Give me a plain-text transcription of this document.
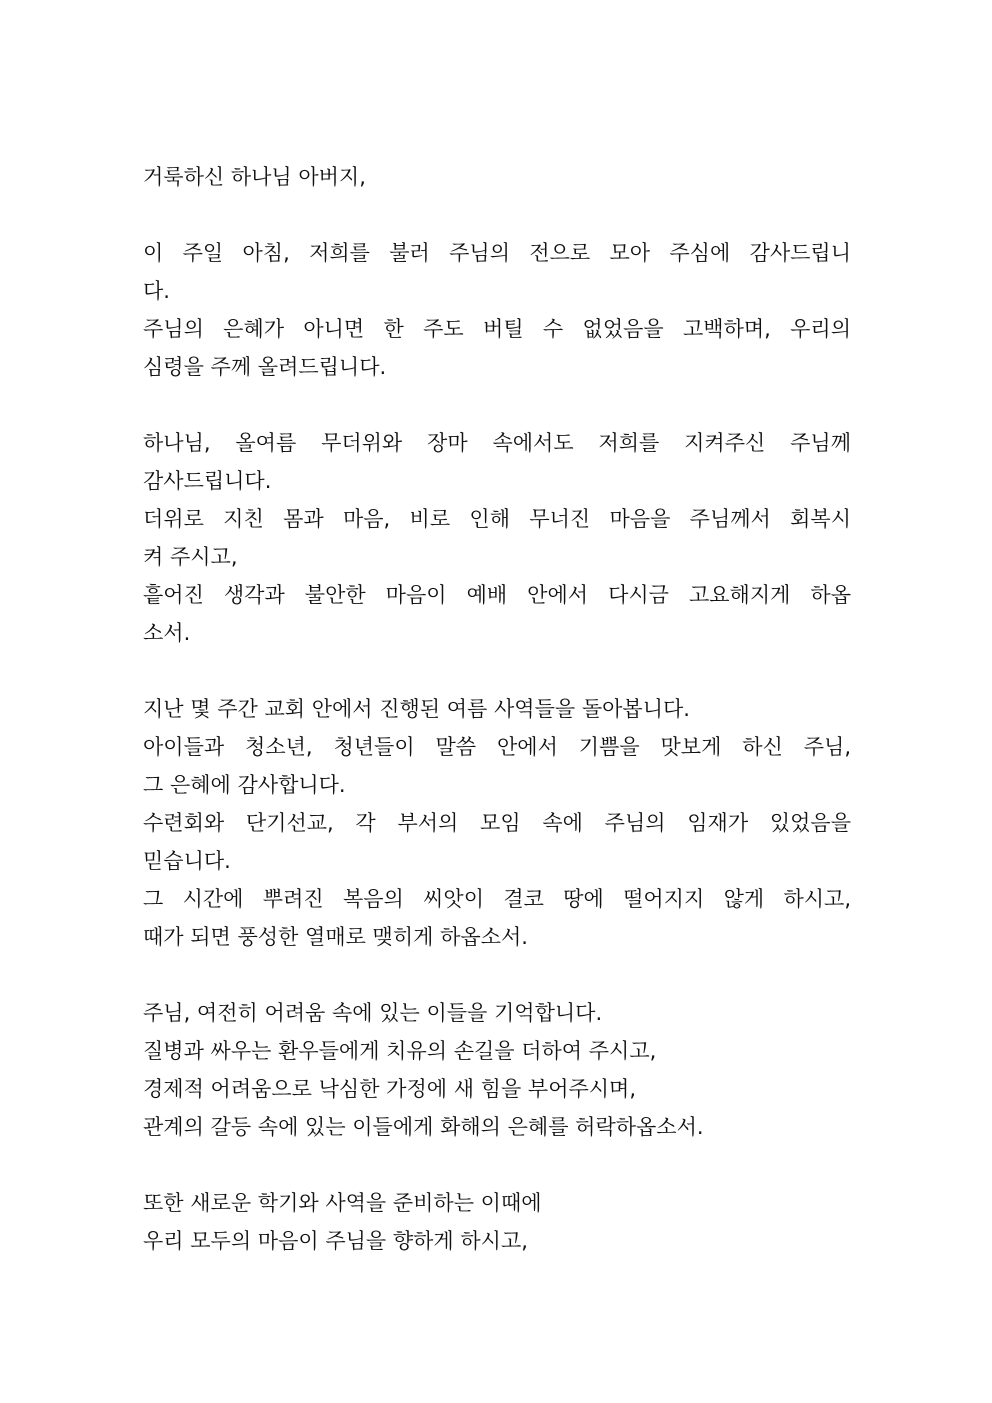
거룩하신 하나님 아버지,
이 주일 아침, 저희를 불러 주님의 전으로 모아 주심에 감사드립니
다.
주님의 은혜가 아니면 한 주도 버틸 수 없었음을 고백하며, 우리의
심령을 주께 올려드립니다.
하나님, 올여름 무더위와 장마 속에서도 저희를 지켜주신 주님께
감사드립니다.
더위로 지친 몸과 마음, 비로 인해 무너진 마음을 주님께서 회복시
켜 주시고,
흩어진 생각과 불안한 마음이 예배 안에서 다시금 고요해지게 하옵
소서.
지난 몇 주간 교회 안에서 진행된 여름 사역들을 돌아봅니다.
아이들과 청소년, 청년들이 말씀 안에서 기쁨을 맛보게 하신 주님,
그 은혜에 감사합니다.
수련회와 단기선교, 각 부서의 모임 속에 주님의 임재가 있었음을
믿습니다.
그 시간에 뿌려진 복음의 씨앗이 결코 땅에 떨어지지 않게 하시고,
때가 되면 풍성한 열매로 맺히게 하옵소서.
주님, 여전히 어려움 속에 있는 이들을 기억합니다.
질병과 싸우는 환우들에게 치유의 손길을 더하여 주시고,
경제적 어려움으로 낙심한 가정에 새 힘을 부어주시며,
관계의 갈등 속에 있는 이들에게 화해의 은혜를 허락하옵소서.
또한 새로운 학기와 사역을 준비하는 이때에
우리 모두의 마음이 주님을 향하게 하시고,
